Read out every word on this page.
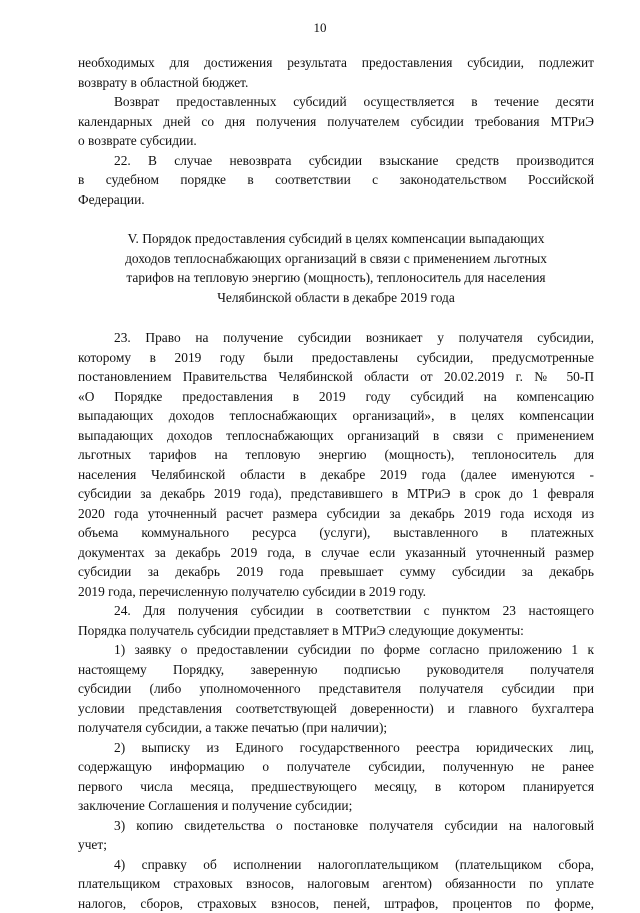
10
необходимых для достижения результата предоставления субсидии, подлежит
возврату в областной бюджет.
Возврат предоставленных субсидий осуществляется в течение десяти
календарных дней со дня получения получателем субсидии требования МТРиЭ
о возврате субсидии.
22. В случае невозврата субсидии взыскание средств производится
в судебном порядке в соответствии с законодательством Российской
Федерации.
V. Порядок предоставления субсидий в целях компенсации выпадающих
доходов теплоснабжающих организаций в связи с применением льготных
тарифов на тепловую энергию (мощность), теплоноситель для населения
Челябинской области в декабре 2019 года
23. Право на получение субсидии возникает у получателя субсидии,
которому в 2019 году были предоставлены субсидии, предусмотренные
постановлением Правительства Челябинской области от 20.02.2019 г. № 50-П
«О Порядке предоставления в 2019 году субсидий на компенсацию
выпадающих доходов теплоснабжающих организаций», в целях компенсации
выпадающих доходов теплоснабжающих организаций в связи с применением
льготных тарифов на тепловую энергию (мощность), теплоноситель для
населения Челябинской области в декабре 2019 года (далее именуются -
субсидии за декабрь 2019 года), представившего в МТРиЭ в срок до 1 февраля
2020 года уточненный расчет размера субсидии за декабрь 2019 года исходя из
объема коммунального ресурса (услуги), выставленного в платежных
документах за декабрь 2019 года, в случае если указанный уточненный размер
субсидии за декабрь 2019 года превышает сумму субсидии за декабрь
2019 года, перечисленную получателю субсидии в 2019 году.
24. Для получения субсидии в соответствии с пунктом 23 настоящего
Порядка получатель субсидии представляет в МТРиЭ следующие документы:
1) заявку о предоставлении субсидии по форме согласно приложению 1 к
настоящему Порядку, заверенную подписью руководителя получателя
субсидии (либо уполномоченного представителя получателя субсидии при
условии представления соответствующей доверенности) и главного бухгалтера
получателя субсидии, а также печатью (при наличии);
2) выписку из Единого государственного реестра юридических лиц,
содержащую информацию о получателе субсидии, полученную не ранее
первого числа месяца, предшествующего месяцу, в котором планируется
заключение Соглашения и получение субсидии;
3) копию свидетельства о постановке получателя субсидии на налоговый
учет;
4) справку об исполнении налогоплательщиком (плательщиком сбора,
плательщиком страховых взносов, налоговым агентом) обязанности по уплате
налогов, сборов, страховых взносов, пеней, штрафов, процентов по форме,
